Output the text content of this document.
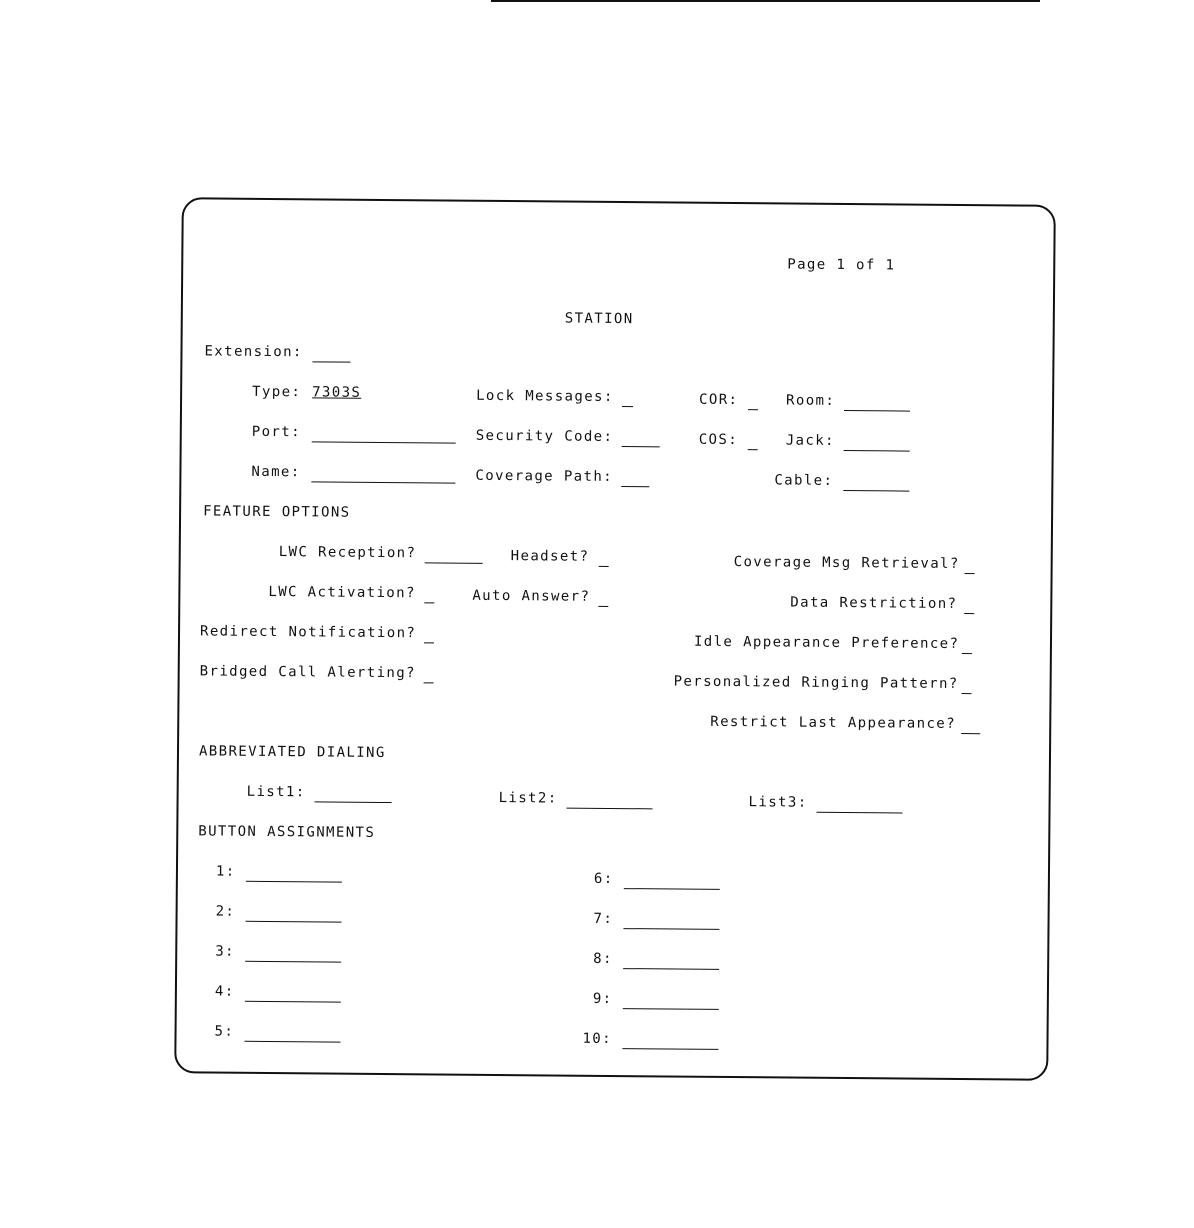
Page 1 of 1
STATION
Extension:
Type: 7303S
Port:
Name:
Lock Messages:
Security Code:
Coverage Path:
COR:
COS:
Room:
Jack:
Cable:
FEATURE OPTIONS
LWC Reception?
LWC Activation?
Redirect Notification?
Bridged Call Alerting?
Headset?
Auto Answer?
Coverage Msg Retrieval?
Data Restriction?
Idle Appearance Preference?
Personalized Ringing Pattern?
Restrict Last Appearance?
ABBREVIATED DIALING
List1:	List2:	List3:
BUTTON ASSIGNMENTS
1:
2:
3:
4:
5:
6:
7:
8:
9:
10:
